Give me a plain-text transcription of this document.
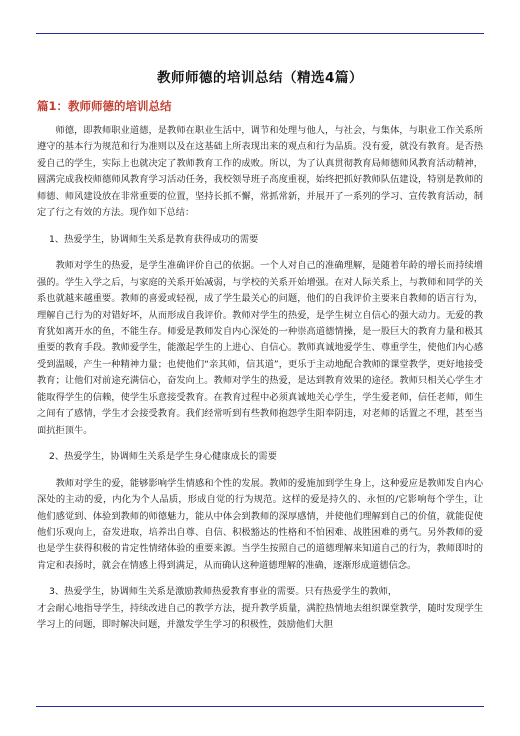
教师师德的培训总结（精选4篇）
篇1：教师师德的培训总结

师德，即教师职业道德，是教师在职业生活中，调节和处理与他人，与社会，与集体，与职业工作关系所遵守的基本行为规范和行为准则以及在这基础上所表现出来的观点和行为品质。没有爱，就没有教育。是否热爱自己的学生，实际上也就决定了教师教育工作的成败。所以，为了认真贯彻教育局师德师风教育活动精神，圆满完成我校师德师风教育学习活动任务，我校领导班子高度重视，始终把抓好教师队伍建设，特别是教师的师德、师风建设放在非常重要的位置，坚持长抓不懈，常抓常新，并展开了一系列的学习、宣传教育活动，制定了行之有效的方法。现作如下总结：

1、热爱学生，协调师生关系是教育获得成功的需要

教师对学生的热爱，是学生准确评价自己的依据。一个人对自己的准确理解，是随着年龄的增长而持续增强的。学生入学之后，与家庭的关系开始减弱，与学校的关系开始增强。在对人际关系上，与教师和同学的关系也就越来越重要。教师的喜爱或轻视，成了学生最关心的问题，他们的自我评价主要来自教师的语言行为，理解自己行为的对错好坏，从而形成自我评价。教师对学生的热爱，是学生树立自信心的强大动力。无爱的教育犹如离开水的鱼，不能生存。师爱是教师发自内心深处的一种崇高道德情操，是一股巨大的教育力量和极其重要的教育手段。教师爱学生，能激起学生的上进心、自信心。教师真诚地爱学生、尊重学生，使他们内心感受到温暖，产生一种精神力量；也使他们“亲其师，信其道”，更乐于主动地配合教师的课堂教学，更好地接受教育；让他们对前途充满信心，奋发向上。教师对学生的热爱，是达到教育效果的途径。教师只相关心学生才能取得学生的信赖，使学生乐意接受教育。在教育过程中必须真诚地关心学生，学生爱老师，信任老师，师生之间有了感情，学生才会接受教育。我们经常听到有些教师抱怨学生阳奉阴违，对老师的话置之不理，甚至当面抗拒顶牛。

2、热爱学生，协调师生关系是学生身心健康成长的需要

教师对学生的爱，能够影响学生情感和个性的发展。教师的爱施加到学生身上，这种爱应是教师发自内心深处的主动的爱，内化为个人品质，形成自觉的行为规范。这样的爱是持久的、永恒的/它影响每个学生，让他们感觉到、体验到教师的师德魅力，能从中体会到教师的深厚感情，并使他们理解到自己的价值，就能促使他们乐观向上，奋发进取，培养出自尊、自信、积极豁达的性格和不怕困难、战胜困难的勇气。另外教师的爱也是学生获得积极的肯定性情绪体验的重要来源。当学生按照自己的道德理解来知道自己的行为，教师即时的肯定和表扬时，就会在情感上得到满足，从而确认这种道德理解的准确，逐渐形成道德信念。

3、热爱学生，协调师生关系是激励教师热爱教育事业的需要。只有热爱学生的教师，

才会耐心地指导学生，持续改进自己的教学方法，提升教学质量，满腔热情地去组织课堂教学，随时发现学生学习上的问题，即时解决问题，并激发学生学习的积极性，鼓励他们大胆
